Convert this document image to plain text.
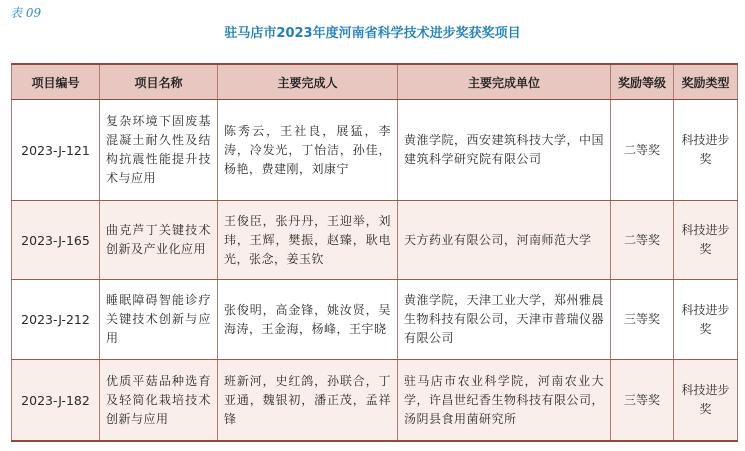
表 09
驻马店市2023年度河南省科学技术进步奖获奖项目
项目编号	项目名称	主要完成人	主要完成单位	奖励等级	奖励类型
2023-J-121	复杂环境下固废基混凝土耐久性及结构抗震性能提升技术与应用	陈秀云，王社良，展猛，李涛，冷发光，丁怡洁，孙佳，杨艳，费建刚，刘康宁	黄淮学院，西安建筑科技大学，中国建筑科学研究院有限公司	二等奖	科技进步奖
2023-J-165	曲克芦丁关键技术创新及产业化应用	王俊臣，张丹丹，王迎举，刘玮，王辉，樊振，赵臻，耿电光，张念，姜玉钦	天方药业有限公司，河南师范大学	二等奖	科技进步奖
2023-J-212	睡眠障碍智能诊疗关键技术创新与应用	张俊明，高金锋，姚汝贤，吴海涛，王金海，杨峰，王宇晓	黄淮学院，天津工业大学，郑州雅晨生物科技有限公司，天津市普瑞仪器有限公司	三等奖	科技进步奖
2023-J-182	优质平菇品种选育及轻简化栽培技术创新与应用	班新河，史红鸽，孙联合，丁亚通，魏银初，潘正茂，孟祥锋	驻马店市农业科学院，河南农业大学，许昌世纪香生物科技有限公司，汤阴县食用菌研究所	三等奖	科技进步奖
